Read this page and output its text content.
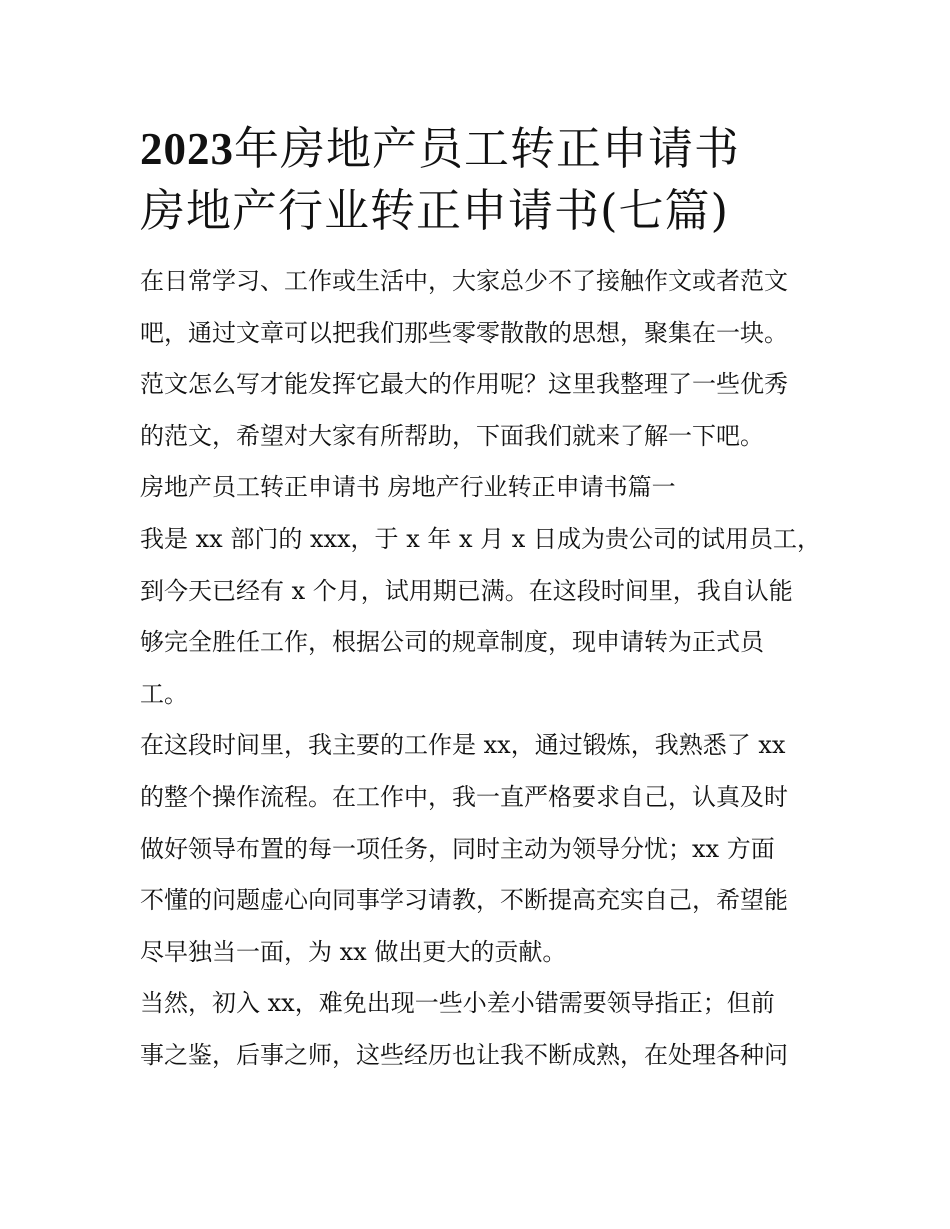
2023年房地产员工转正申请书
房地产行业转正申请书(七篇)
在日常学习、工作或生活中，大家总少不了接触作文或者范文
吧，通过文章可以把我们那些零零散散的思想，聚集在一块。
范文怎么写才能发挥它最大的作用呢？这里我整理了一些优秀
的范文，希望对大家有所帮助，下面我们就来了解一下吧。
房地产员工转正申请书 房地产行业转正申请书篇一
我是 xx 部门的 xxx，于 x 年 x 月 x 日成为贵公司的试用员工，
到今天已经有 x 个月，试用期已满。在这段时间里，我自认能
够完全胜任工作，根据公司的规章制度，现申请转为正式员
工。
在这段时间里，我主要的工作是 xx，通过锻炼，我熟悉了 xx
的整个操作流程。在工作中，我一直严格要求自己，认真及时
做好领导布置的每一项任务，同时主动为领导分忧；xx 方面
不懂的问题虚心向同事学习请教，不断提高充实自己，希望能
尽早独当一面，为 xx 做出更大的贡献。
当然，初入 xx，难免出现一些小差小错需要领导指正；但前
事之鉴，后事之师，这些经历也让我不断成熟，在处理各种问
